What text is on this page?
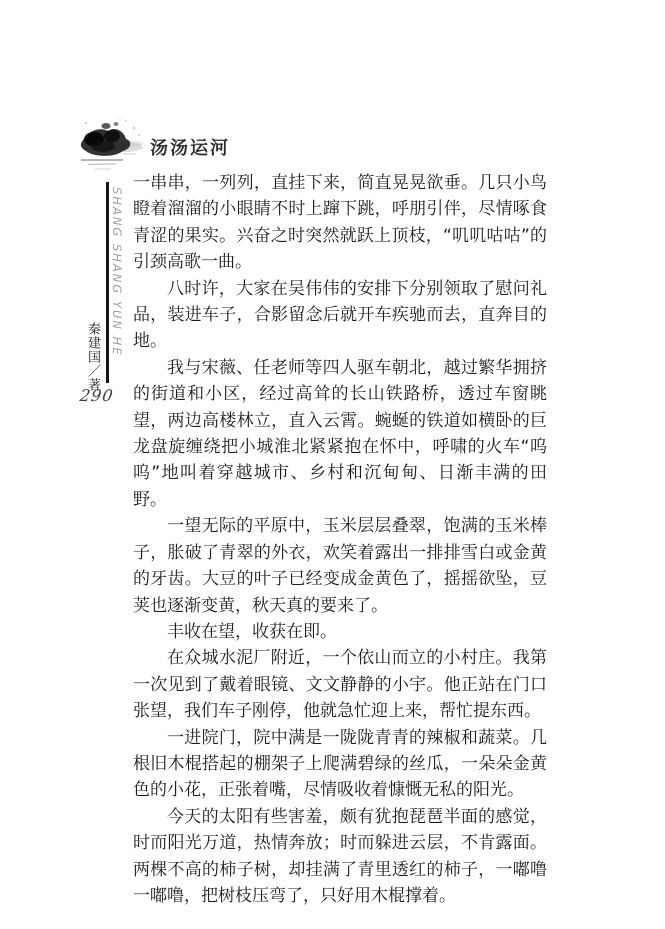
汤汤运河
SHANG SHANG YUN HE
秦建国／著
290

一串串，一列列，直挂下来，简直晃晃欲垂。几只小鸟瞪着溜溜的小眼睛不时上蹿下跳，呼朋引伴，尽情啄食青涩的果实。兴奋之时突然就跃上顶枝，“叽叽咕咕”的引颈高歌一曲。

八时许，大家在吴伟伟的安排下分别领取了慰问礼品，装进车子，合影留念后就开车疾驰而去，直奔目的地。

我与宋薇、任老师等四人驱车朝北，越过繁华拥挤的街道和小区，经过高耸的长山铁路桥，透过车窗眺望，两边高楼林立，直入云霄。蜿蜒的铁道如横卧的巨龙盘旋缠绕把小城淮北紧紧抱在怀中，呼啸的火车“呜呜”地叫着穿越城市、乡村和沉甸甸、日渐丰满的田野。

一望无际的平原中，玉米层层叠翠，饱满的玉米棒子，胀破了青翠的外衣，欢笑着露出一排排雪白或金黄的牙齿。大豆的叶子已经变成金黄色了，摇摇欲坠，豆荚也逐渐变黄，秋天真的要来了。

丰收在望，收获在即。

在众城水泥厂附近，一个依山而立的小村庄。我第一次见到了戴着眼镜、文文静静的小宇。他正站在门口张望，我们车子刚停，他就急忙迎上来，帮忙提东西。

一进院门，院中满是一陇陇青青的辣椒和蔬菜。几根旧木棍搭起的棚架子上爬满碧绿的丝瓜，一朵朵金黄色的小花，正张着嘴，尽情吸收着慷慨无私的阳光。

今天的太阳有些害羞，颇有犹抱琵琶半面的感觉，时而阳光万道，热情奔放；时而躲进云层，不肯露面。两棵不高的柿子树，却挂满了青里透红的柿子，一嘟噜一嘟噜，把树枝压弯了，只好用木棍撑着。
